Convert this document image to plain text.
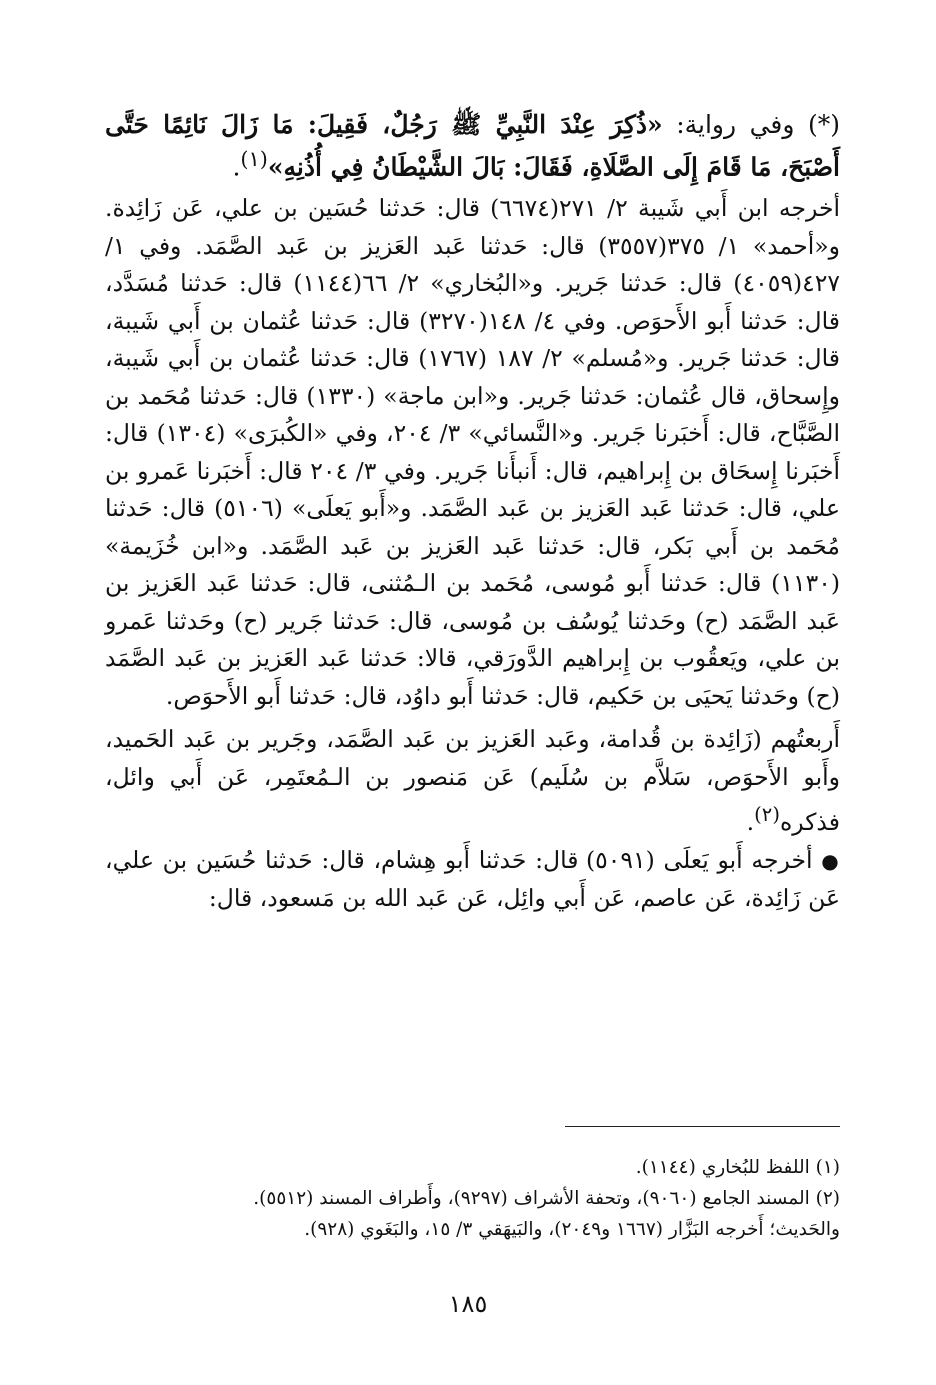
(*) وفي رواية: «ذُكِرَ عِنْدَ النَّبِيِّ ﷺ رَجُلٌ، فَقِيلَ: مَا زَالَ نَائِمًا حَتَّى أَصْبَحَ، مَا قَامَ إِلَى الصَّلَاةِ، فَقَالَ: بَالَ الشَّيْطَانُ فِي أُذُنِهِ»$^{(١)}$.

أخرجه ابن أَبي شَيبة ٢/ ٢٧١(٦٦٧٤) قال: حَدثنا حُسَين بن علي، عَن زَائِدة. و«أحمد» ١/ ٣٧٥(٣٥٥٧) قال: حَدثنا عَبد العَزيز بن عَبد الصَّمَد. وفي ١/ ٤٢٧(٤٠٥٩) قال: حَدثنا جَرير. و«البُخاري» ٢/ ٦٦(١١٤٤) قال: حَدثنا مُسَدَّد، قال: حَدثنا أَبو الأَحوَص. وفي ٤/ ١٤٨(٣٢٧٠) قال: حَدثنا عُثمان بن أَبي شَيبة، قال: حَدثنا جَرير. و«مُسلم» ٢/ ١٨٧ (١٧٦٧) قال: حَدثنا عُثمان بن أَبي شَيبة، وإِسحاق، قال عُثمان: حَدثنا جَرير. و«ابن ماجة» (١٣٣٠) قال: حَدثنا مُحَمد بن الصَّبَّاح، قال: أَخبَرنا جَرير. و«النَّسائي» ٣/ ٢٠٤، وفي «الكُبرَى» (١٣٠٤) قال: أَخبَرنا إِسحَاق بن إِبراهيم، قال: أَنبأَنا جَرير. وفي ٣/ ٢٠٤ قال: أَخبَرنا عَمرو بن علي، قال: حَدثنا عَبد العَزيز بن عَبد الصَّمَد. و«أَبو يَعلَى» (٥١٠٦) قال: حَدثنا مُحَمد بن أَبي بَكر، قال: حَدثنا عَبد العَزيز بن عَبد الصَّمَد. و«ابن خُزَيمة» (١١٣٠) قال: حَدثنا أَبو مُوسى، مُحَمد بن الـمُثنى، قال: حَدثنا عَبد العَزيز بن عَبد الصَّمَد (ح) وحَدثنا يُوسُف بن مُوسى، قال: حَدثنا جَرير (ح) وحَدثنا عَمرو بن علي، ويَعقُوب بن إِبراهيم الدَّورَقي، قالا: حَدثنا عَبد العَزيز بن عَبد الصَّمَد (ح) وحَدثنا يَحيَى بن حَكيم، قال: حَدثنا أَبو داوُد، قال: حَدثنا أَبو الأَحوَص.

أَربعتُهم (زَائِدة بن قُدامة، وعَبد العَزيز بن عَبد الصَّمَد، وجَرير بن عَبد الحَميد، وأَبو الأَحوَص، سَلاَّم بن سُلَيم) عَن مَنصور بن الـمُعتَمِر، عَن أَبي وائل، فذكره$^{(٢)}$.

● أخرجه أَبو يَعلَى (٥٠٩١) قال: حَدثنا أَبو هِشام، قال: حَدثنا حُسَين بن علي، عَن زَائِدة، عَن عاصم، عَن أَبي وائِل، عَن عَبد الله بن مَسعود، قال:

(١) اللفظ للبُخاري (١١٤٤).

(٢) المسند الجامع (٩٠٦٠)، وتحفة الأشراف (٩٢٩٧)، وأَطراف المسند (٥٥١٢).

والحَديث؛ أَخرجه البَزَّار (١٦٦٧ و٢٠٤٩)، والبَيهَقي ٣/ ١٥، والبَغَوي (٩٢٨).

١٨٥
